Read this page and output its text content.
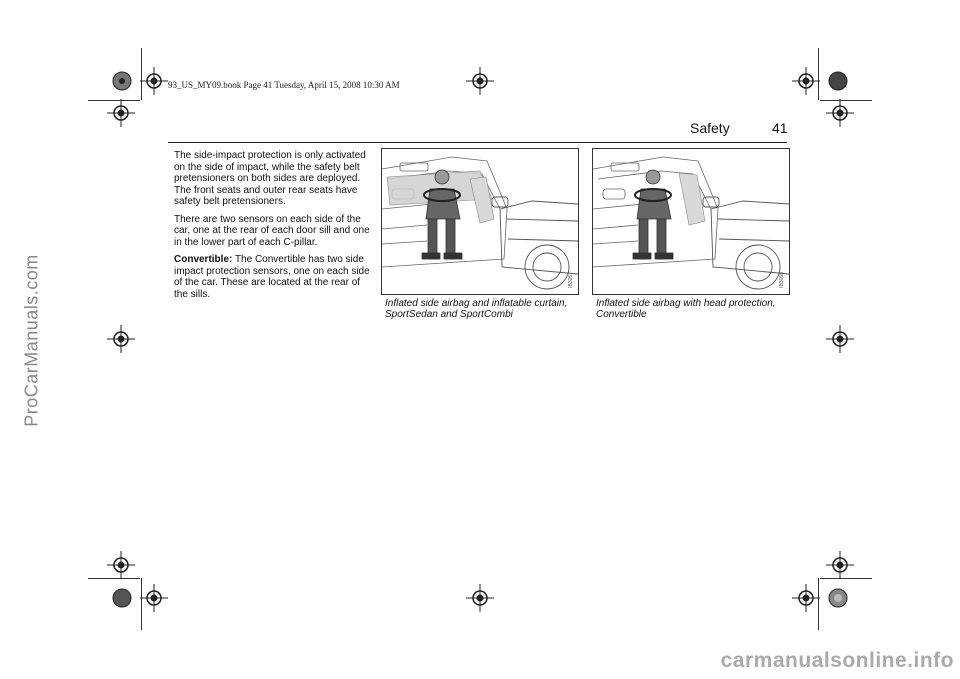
93_US_MY09.book Page 41 Tuesday, April 15, 2008 10:30 AM
Safety	41

The side-impact protection is only activated on the side of impact, while the safety belt pretensioners on both sides are deployed. The front seats and outer rear seats have safety belt pretensioners.

There are two sensors on each side of the car, one at the rear of each door sill and one in the lower part of each C-pillar.

Convertible: The Convertible has two side impact protection sensors, one on each side of the car. These are located at the rear of the sills.

IB3057
Inflated side airbag and inflatable curtain, SportSedan and SportCombi
IB3058
Inflated side airbag with head protection, Convertible
ProCarManuals.com
carmanualsonline.info
